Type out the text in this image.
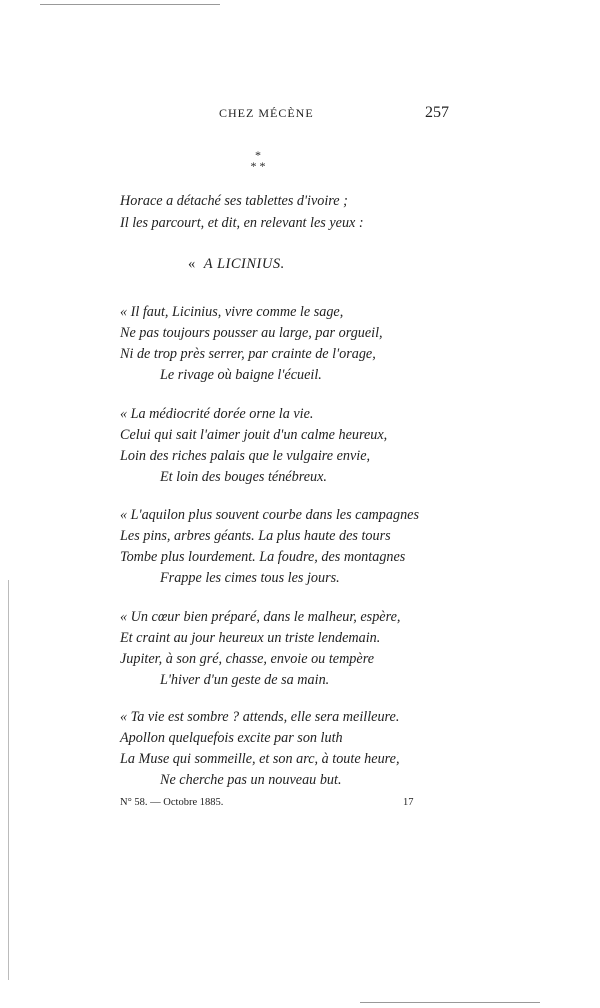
CHEZ MÉCÈNE	257
*
* *
Horace a détaché ses tablettes d'ivoire ;
Il les parcourt, et dit, en relevant les yeux :
« A LICINIUS.
« Il faut, Licinius, vivre comme le sage,
Ne pas toujours pousser au large, par orgueil,
Ni de trop près serrer, par crainte de l'orage,
Le rivage où baigne l'écueil.
« La médiocrité dorée orne la vie.
Celui qui sait l'aimer jouit d'un calme heureux,
Loin des riches palais que le vulgaire envie,
Et loin des bouges ténébreux.
« L'aquilon plus souvent courbe dans les campagnes
Les pins, arbres géants. La plus haute des tours
Tombe plus lourdement. La foudre, des montagnes
Frappe les cimes tous les jours.
« Un cœur bien préparé, dans le malheur, espère,
Et craint au jour heureux un triste lendemain.
Jupiter, à son gré, chasse, envoie ou tempère
L'hiver d'un geste de sa main.
« Ta vie est sombre ? attends, elle sera meilleure.
Apollon quelquefois excite par son luth
La Muse qui sommeille, et son arc, à toute heure,
Ne cherche pas un nouveau but.
N° 58. — Octobre 1885.	17
